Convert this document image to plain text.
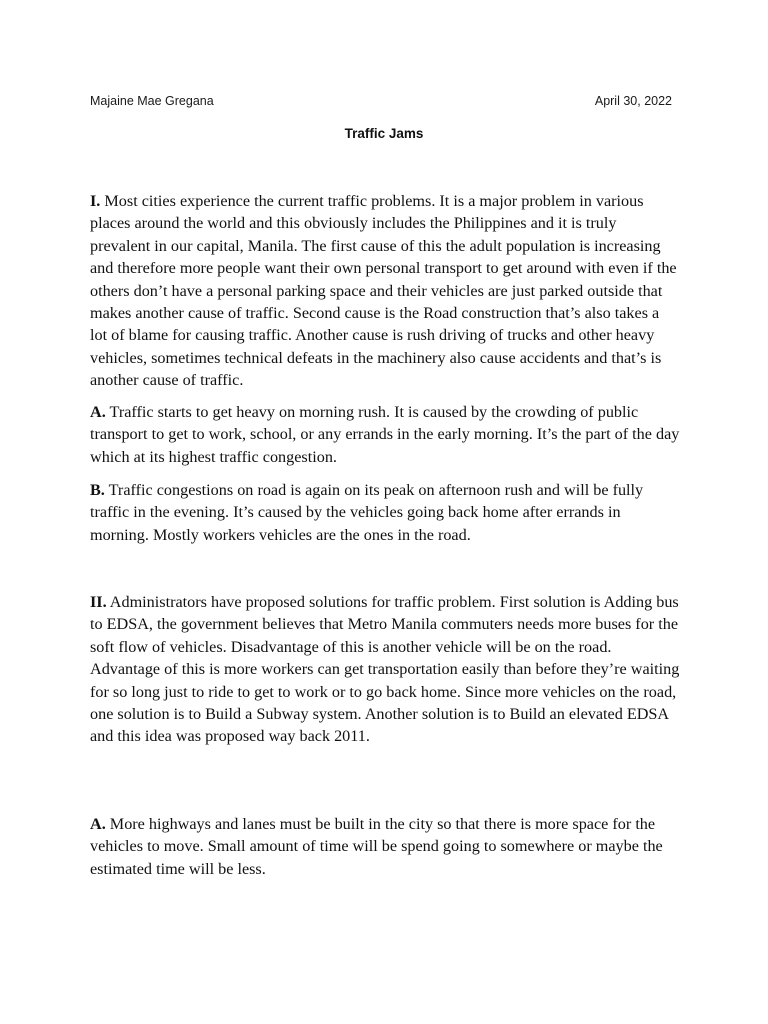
Majaine Mae Gregana	April 30, 2022
Traffic Jams

I. Most cities experience the current traffic problems. It is a major problem in various places around the world and this obviously includes the Philippines and it is truly prevalent in our capital, Manila. The first cause of this the adult population is increasing and therefore more people want their own personal transport to get around with even if the others don’t have a personal parking space and their vehicles are just parked outside that makes another cause of traffic. Second cause is the Road construction that’s also takes a lot of blame for causing traffic. Another cause is rush driving of trucks and other heavy vehicles, sometimes technical defeats in the machinery also cause accidents and that’s is another cause of traffic.

A. Traffic starts to get heavy on morning rush. It is caused by the crowding of public transport to get to work, school, or any errands in the early morning. It’s the part of the day which at its highest traffic congestion.

B. Traffic congestions on road is again on its peak on afternoon rush and will be fully traffic in the evening. It’s caused by the vehicles going back home after errands in morning. Mostly workers vehicles are the ones in the road.

II. Administrators have proposed solutions for traffic problem. First solution is Adding bus to EDSA, the government believes that Metro Manila commuters needs more buses for the soft flow of vehicles. Disadvantage of this is another vehicle will be on the road. Advantage of this is more workers can get transportation easily than before they’re waiting for so long just to ride to get to work or to go back home. Since more vehicles on the road, one solution is to Build a Subway system. Another solution is to Build an elevated EDSA and this idea was proposed way back 2011.

A. More highways and lanes must be built in the city so that there is more space for the vehicles to move. Small amount of time will be spend going to somewhere or maybe the estimated time will be less.
